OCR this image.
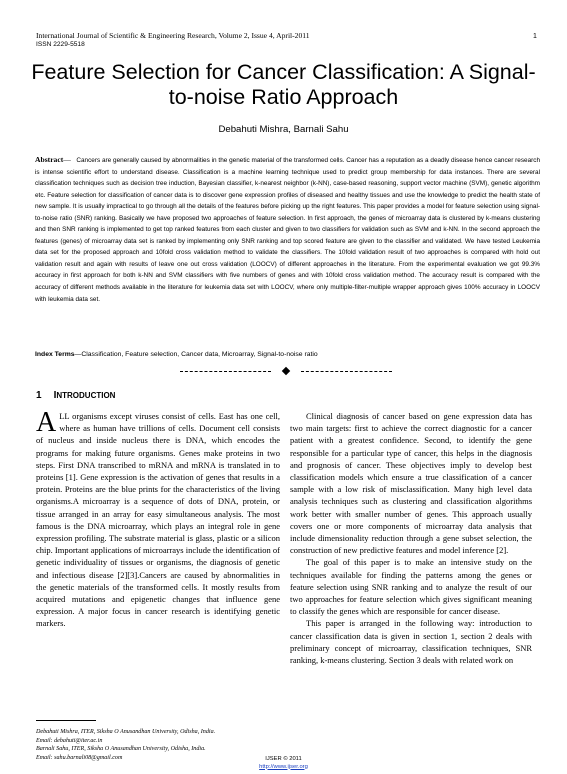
International Journal of Scientific & Engineering Research, Volume 2, Issue 4, April-2011
ISSN 2229-5518
1
Feature Selection for Cancer Classification: A Signal-to-noise Ratio Approach
Debahuti Mishra, Barnali Sahu

Abstract— Cancers are generally caused by abnormalities in the genetic material of the transformed cells. Cancer has a reputation as a deadly disease hence cancer research is intense scientific effort to understand disease. Classification is a machine learning technique used to predict group membership for data instances. There are several classification techniques such as decision tree induction, Bayesian classifier, k-nearest neighbor (k-NN), case-based reasoning, support vector machine (SVM), genetic algorithm etc. Feature selection for classification of cancer data is to discover gene expression profiles of diseased and healthy tissues and use the knowledge to predict the health state of new sample. It is usually impractical to go through all the details of the features before picking up the right features. This paper provides a model for feature selection using signal-to-noise ratio (SNR) ranking. Basically we have proposed two approaches of feature selection. In first approach, the genes of microarray data is clustered by k-means clustering and then SNR ranking is implemented to get top ranked features from each cluster and given to two classifiers for validation such as SVM and k-NN. In the second approach the features (genes) of microarray data set is ranked by implementing only SNR ranking and top scored feature are given to the classifier and validated. We have tested Leukemia data set for the proposed approach and 10fold cross validation method to validate the classifiers. The 10fold validation result of two approaches is compared with hold out validation result and again with results of leave one out cross validation (LOOCV) of different approaches in the literature. From the experimental evaluation we got 99.3% accuracy in first approach for both k-NN and SVM classifiers with five numbers of genes and with 10fold cross validation method. The accuracy result is compared with the accuracy of different methods available in the literature for leukemia data set with LOOCV, where only multiple-filter-multiple wrapper approach gives 100% accuracy in LOOCV with leukemia data set.

Index Terms—Classification, Feature selection, Cancer data, Microarray, Signal-to-noise ratio
1 INTRODUCTION

ALL organisms except viruses consist of cells. East has one cell, where as human have trillions of cells. Document cell consists of nucleus and inside nucleus there is DNA, which encodes the programs for making future organisms. Genes make proteins in two steps. First DNA transcribed to mRNA and mRNA is translated in to proteins [1]. Gene expression is the activation of genes that results in a protein. Proteins are the blue prints for the characteristics of the living organisms.A microarray is a sequence of dots of DNA, protein, or tissue arranged in an array for easy simultaneous analysis. The most famous is the DNA microarray, which plays an integral role in gene expression profiling. The substrate material is glass, plastic or a silicon chip. Important applications of microarrays include the identification of genetic individuality of tissues or organisms, the diagnosis of genetic and infectious disease [2][3].Cancers are caused by abnormalities in the genetic materials of the transformed cells. It mostly results from acquired mutations and epigenetic changes that influence gene expression. A major focus in cancer research is identifying genetic markers.

Debahuti Mishra, ITER, Siksha O Anusandhan University, Odisha, India.
Email: debahuti@iter.ac.in
Barnali Sahu, ITER, Siksha O Anusandhan University, Odisha, India.
Email: sahu.barnali08@gmail.com

Clinical diagnosis of cancer based on gene expression data has two main targets: first to achieve the correct diagnostic for a cancer patient with a greatest confidence. Second, to identify the gene responsible for a particular type of cancer, this helps in the diagnosis and prognosis of cancer. These objectives imply to develop best classification models which ensure a true classification of a cancer sample with a low risk of misclassification. Many high level data analysis techniques such as clustering and classification algorithms work better with smaller number of genes. This approach usually covers one or more components of microarray data analysis that include dimensionality reduction through a gene subset selection, the construction of new predictive features and model inference [2].

The goal of this paper is to make an intensive study on the techniques available for finding the patterns among the genes or feature selection using SNR ranking and to analyze the result of our two approaches for feature selection which gives significant meaning to classify the genes which are responsible for cancer disease.

This paper is arranged in the following way: introduction to cancer classification data is given in section 1, section 2 deals with preliminary concept of microarray, classification techniques, SNR ranking, k-means clustering. Section 3 deals with related work on

IJSER © 2011
http://www.ijser.org
